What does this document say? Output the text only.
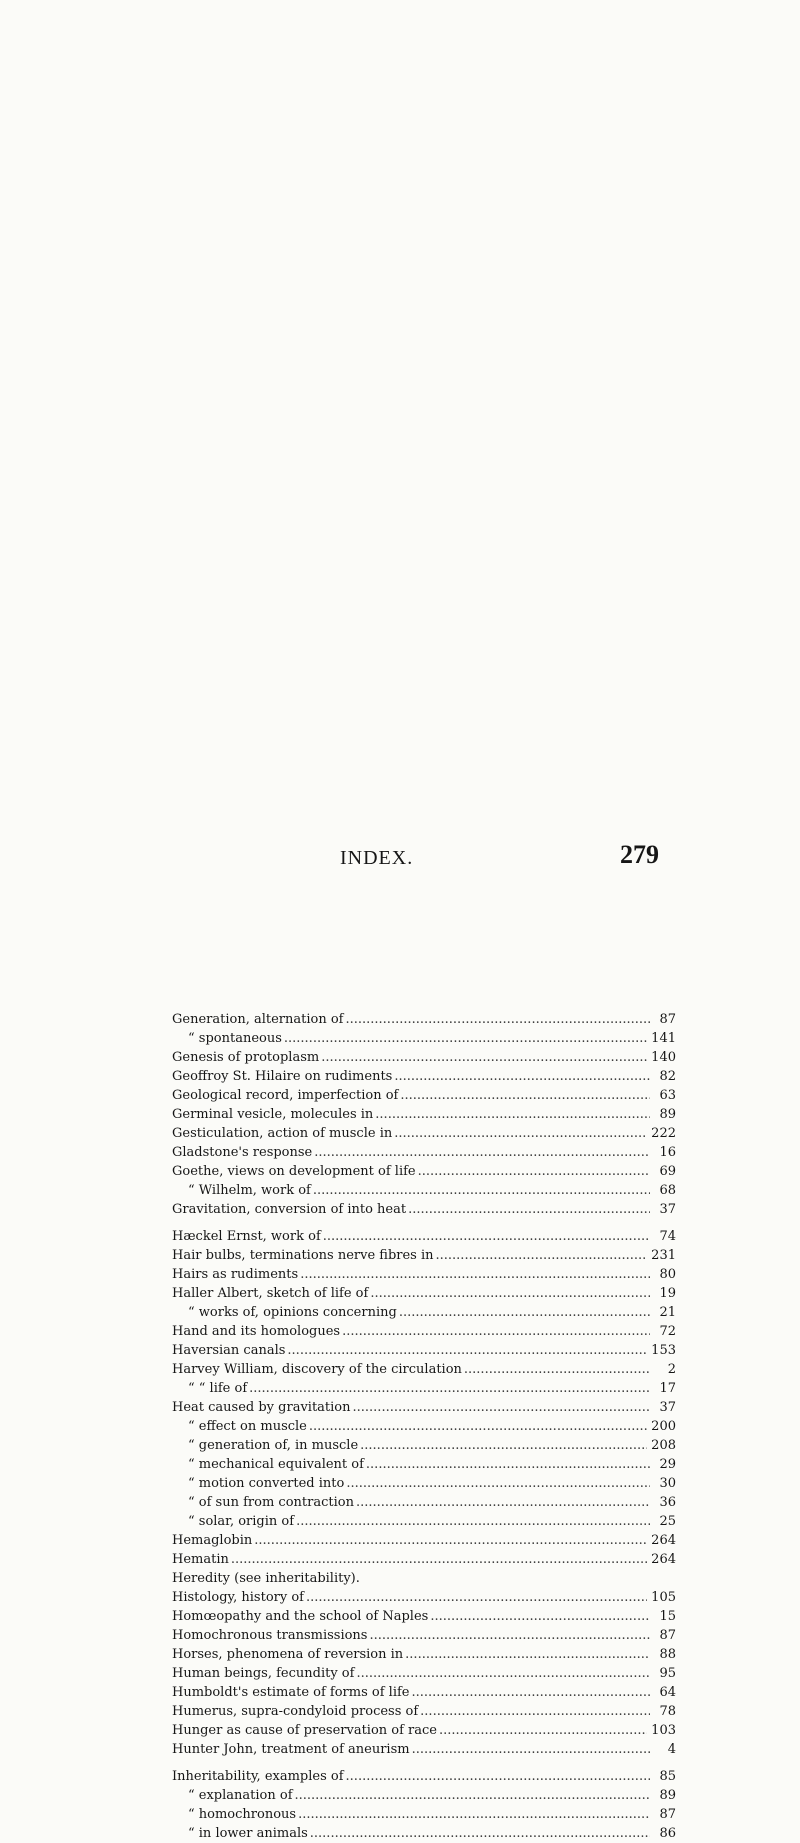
INDEX.	279
Generation, alternation of .....	87
“ spontaneous .....	141
Genesis of protoplasm .....	140
Geoffroy St. Hilaire on rudiments .....	82
Geological record, imperfection of .....	63
Germinal vesicle, molecules in .....	89
Gesticulation, action of muscle in .....	222
Gladstone's response .....	16
Goethe, views on development of life .....	69
“ Wilhelm, work of .....	68
Gravitation, conversion of into heat .....	37
Hæckel Ernst, work of .....	74
Hair bulbs, terminations nerve fibres in .....	231
Hairs as rudiments .....	80
Haller Albert, sketch of life of .....	19
“ works of, opinions concerning .....	21
Hand and its homologues .....	72
Haversian canals .....	153
Harvey William, discovery of the circulation .....	2
“ “ life of .....	17
Heat caused by gravitation .....	37
“ effect on muscle .....	200
“ generation of, in muscle .....	208
“ mechanical equivalent of .....	29
“ motion converted into .....	30
“ of sun from contraction .....	36
“ solar, origin of .....	25
Hemaglobin .....	264
Hematin .....	264
Heredity (see inheritability).
Histology, history of .....	105
Homœopathy and the school of Naples .....	15
Homochronous transmissions .....	87
Horses, phenomena of reversion in .....	88
Human beings, fecundity of .....	95
Humboldt's estimate of forms of life .....	64
Humerus, supra-condyloid process of .....	78
Hunger as cause of preservation of race .....	103
Hunter John, treatment of aneurism .....	4
Inheritability, examples of .....	85
“ explanation of .....	89
“ homochronous .....	87
“ in lower animals .....	86
